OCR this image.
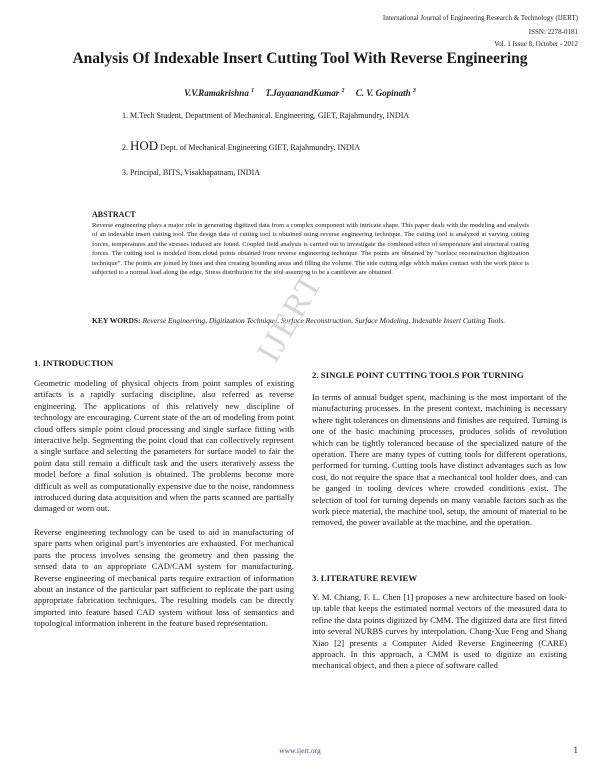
International Journal of Engineering Research & Technology (IJERT)
ISSN: 2278-0181
Vol. 1 Issue 8, October - 2012
Analysis Of Indexable Insert Cutting Tool With Reverse Engineering
V.V.Ramakrishna $^1$ T.JayaanandKumar $^2$ C. V. Gopinath $^3$
1. M.Tech Student, Department of Mechanical. Engineering, GIET, Rajahmundry, INDIA
2. HOD Dept. of Mechanical Engineering GIET, Rajahmundry. INDIA
3. Principal, BITS, Visakhapatnam, INDIA
ABSTRACT
Reverse engineering plays a major role in generating digitized data from a complex component with intricate shape. This paper deals with the modeling and analysis of an indexable insert cutting tool. The design data of cutting tool is obtained using reverse engineering technique. The cutting tool is analyzed at varying cutting forces, temperatures and the stresses induced are found. Coupled field analysis is carried out to investigate the combined effect of temperature and structural cutting forces. The cutting tool is modeled from cloud points obtained from reverse engineering technique. The points are obtained by “surface reconstruction digitization technique”. The points are joined by lines and then creating bounding areas and filling the volume. The side cutting edge which makes contact with the work piece is subjected to a normal load along the edge, Stress distribution for the tool assuming to be a cantilever are obtained.
KEY WORDS: Reverse Engineering, Digitization Technique, Surface Reconstruction, Surface Modeling, Indexable Insert Cutting Tools.
IJERT
1. INTRODUCTION

Geometric modeling of physical objects from point samples of existing artifacts is a rapidly surfacing discipline, also referred as reverse engineering. The applications of this relatively new discipline of technology are encouraging. Current state of the art of modeling from point cloud offers simple point cloud processing and single surface fitting with interactive help. Segmenting the point cloud that can collectively represent a single surface and selecting the parameters for surface model to fair the point data still remain a difficult task and the users iteratively assess the model before a final solution is obtained. The problems become more difficult as well as computationally expensive due to the noise, randomness introduced during data acquisition and when the parts scanned are partially damaged or worn out.

Reverse engineering technology can be used to aid in manufacturing of spare parts when original part’s inventories are exhausted. For mechanical parts the process involves sensing the geometry and then passing the sensed data to an appropriate CAD/CAM system for manufacturing. Reverse engineering of mechanical parts require extraction of information about an instance of the particular part sufficient to replicate the part using appropriate fabrication techniques. The resulting models can be directly imported into feature based CAD system without loss of semantics and topological information inherent in the feature based representation.

2. SINGLE POINT CUTTING TOOLS FOR TURNING
In terms of annual budget spent, machining is the most important of the manufacturing processes. In the present context, machining is necessary where tight tolerances on dimensions and finishes are required. Turning is one of the basic machining processes, produces solids of revolution which can be tightly toleranced because of the specialized nature of the operation. There are many types of cutting tools for different operations, performed for turning. Cutting tools have distinct advantages such as low cost, do not require the space that a mechanical tool holder does, and can be ganged in tooling devices where crowded conditions exist. The selection of tool for turning depends on many variable factors such as the work piece material, the machine tool, setup, the amount of material to be removed, the power available at the machine, and the operation.
3. LITERATURE REVIEW
Y. M. Chiang, F. L. Chen [1] proposes a new architecture based on look-up table that keeps the estimated normal vectors of the measured data to refine the data points digitized by CMM. The digitized data are first fitted into several NURBS curves by interpolation. Chang-Xue Feng and Shang Xiao [2] presents a Computer Aided Reverse Engineering (CARE) approach. In this approach, a CMM is used to digitize an existing mechanical object, and then a piece of software called
www.ijert.org	1
